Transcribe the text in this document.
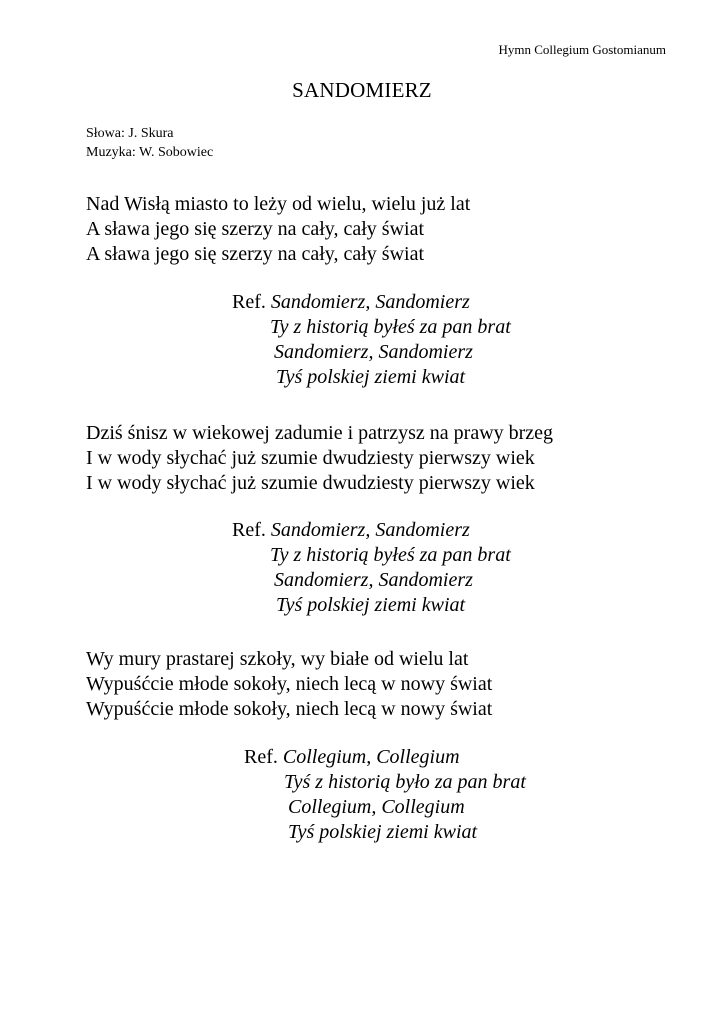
Hymn Collegium Gostomianum
SANDOMIERZ
Słowa: J. Skura
Muzyka: W. Sobowiec
Nad Wisłą miasto to leży od wielu, wielu już lat
A sława jego się szerzy na cały, cały świat
A sława jego się szerzy na cały, cały świat
Ref. Sandomierz, Sandomierz
Ty z historią byłeś za pan brat
Sandomierz, Sandomierz
Tyś polskiej ziemi kwiat
Dziś śnisz w wiekowej zadumie i patrzysz na prawy brzeg
I w wody słychać już szumie dwudziesty pierwszy wiek
I w wody słychać już szumie dwudziesty pierwszy wiek
Ref. Sandomierz, Sandomierz
Ty z historią byłeś za pan brat
Sandomierz, Sandomierz
Tyś polskiej ziemi kwiat
Wy mury prastarej szkoły, wy białe od wielu lat
Wypuśćcie młode sokoły, niech lecą w nowy świat
Wypuśćcie młode sokoły, niech lecą w nowy świat
Ref. Collegium, Collegium
Tyś z historią było za pan brat
Collegium, Collegium
Tyś polskiej ziemi kwiat
